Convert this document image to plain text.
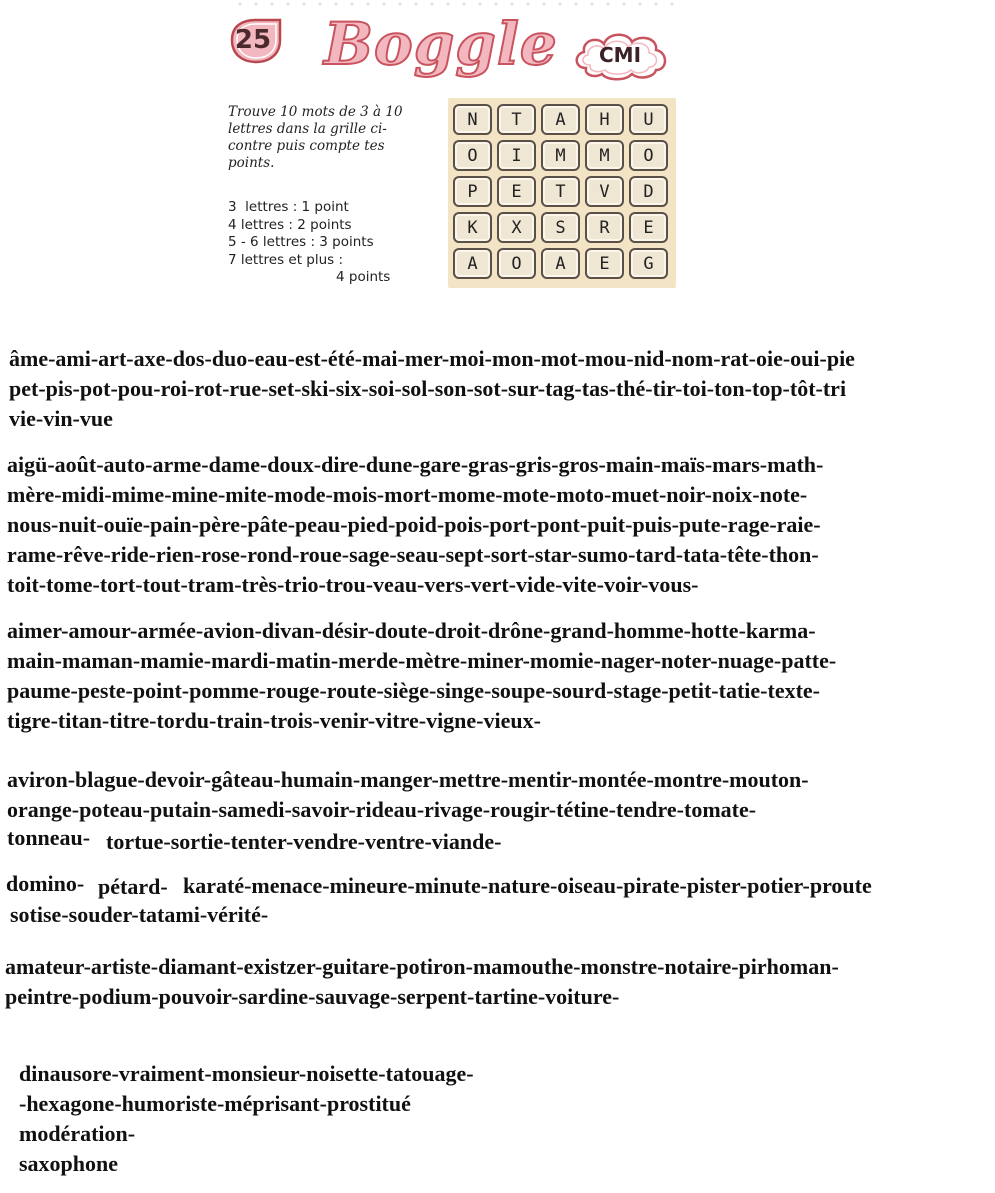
25 Boggle	CMI
Trouve 10 mots de 3 à 10 lettres dans la grille ci-contre puis compte tes points.
3  lettres : 1 point
4 lettres : 2 points
5 - 6 lettres : 3 points
7 lettres et plus :
4 points
N	T	A	H	U
O	I	M	M	O
P	E	T	V	D
K	X	S	R	E
A	O	A	E	G
âme-ami-art-axe-dos-duo-eau-est-été-mai-mer-moi-mon-mot-mou-nid-nom-rat-oie-oui-pie
pet-pis-pot-pou-roi-rot-rue-set-ski-six-soi-sol-son-sot-sur-tag-tas-thé-tir-toi-ton-top-tôt-tri
vie-vin-vue
aigü-août-auto-arme-dame-doux-dire-dune-gare-gras-gris-gros-main-maïs-mars-math-
mère-midi-mime-mine-mite-mode-mois-mort-mome-mote-moto-muet-noir-noix-note-
nous-nuit-ouïe-pain-père-pâte-peau-pied-poid-pois-port-pont-puit-puis-pute-rage-raie-
rame-rêve-ride-rien-rose-rond-roue-sage-seau-sept-sort-star-sumo-tard-tata-tête-thon-
toit-tome-tort-tout-tram-très-trio-trou-veau-vers-vert-vide-vite-voir-vous-
aimer-amour-armée-avion-divan-désir-doute-droit-drône-grand-homme-hotte-karma-
main-maman-mamie-mardi-matin-merde-mètre-miner-momie-nager-noter-nuage-patte-
paume-peste-point-pomme-rouge-route-siège-singe-soupe-sourd-stage-petit-tatie-texte-
tigre-titan-titre-tordu-train-trois-venir-vitre-vigne-vieux-
aviron-blague-devoir-gâteau-humain-manger-mettre-mentir-montée-montre-mouton-
orange-poteau-putain-samedi-savoir-rideau-rivage-rougir-tétine-tendre-tomate-
tonneau- tortue-sortie-tenter-vendre-ventre-viande-
domino- pétard- karaté-menace-mineure-minute-nature-oiseau-pirate-pister-potier-proute
sotise-souder-tatami-vérité-
amateur-artiste-diamant-existzer-guitare-potiron-mamouthe-monstre-notaire-pirhoman-
peintre-podium-pouvoir-sardine-sauvage-serpent-tartine-voiture-
dinausore-vraiment-monsieur-noisette-tatouage-
-hexagone-humoriste-méprisant-prostitué
modération-
saxophone
